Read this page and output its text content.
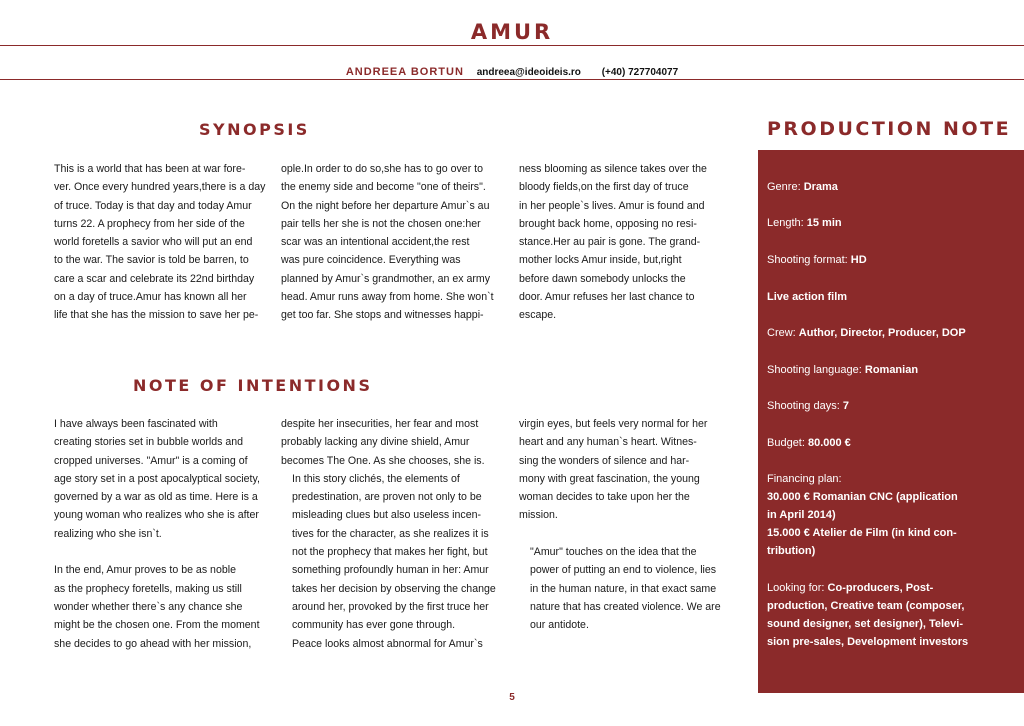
AMUR
ANDREEA BORTUN andreea@ideoideis.ro (+40) 727704077
SYNOPSIS
This is a world that has been at war fore-
ver. Once every hundred years,there is a day
of truce. Today is that day and today Amur
turns 22. A prophecy from her side of the
world foretells a savior who will put an end
to the war. The savior is told be barren, to
care a scar and celebrate its 22nd birthday
on a day of truce.Amur has known all her
life that she has the mission to save her pe-
ople.In order to do so,she has to go over to
the enemy side and become "one of theirs".
On the night before her departure Amur`s au
pair tells her she is not the chosen one:her
scar was an intentional accident,the rest
was pure coincidence. Everything was
planned by Amur`s grandmother, an ex army
head. Amur runs away from home. She won`t
get too far. She stops and witnesses happi-
ness blooming as silence takes over the
bloody fields,on the first day of truce
in her people`s lives. Amur is found and
brought back home, opposing no resi-
stance.Her au pair is gone. The grand-
mother locks Amur inside, but,right
before dawn somebody unlocks the
door. Amur refuses her last chance to
escape.
NOTE OF INTENTIONS
I have always been fascinated with
creating stories set in bubble worlds and
cropped universes. "Amur" is a coming of
age story set in a post apocalyptical society,
governed by a war as old as time. Here is a
young woman who realizes who she is after
realizing who she isn`t.
In the end, Amur proves to be as noble
as the prophecy foretells, making us still
wonder whether there`s any chance she
might be the chosen one. From the moment
she decides to go ahead with her mission,
despite her insecurities, her fear and most
probably lacking any divine shield, Amur
becomes The One. As she chooses, she is.
In this story clichés, the elements of
predestination, are proven not only to be
misleading clues but also useless incen-
tives for the character, as she realizes it is
not the prophecy that makes her fight, but
something profoundly human in her: Amur
takes her decision by observing the change
around her, provoked by the first truce her
community has ever gone through.
Peace looks almost abnormal for Amur`s
virgin eyes, but feels very normal for her
heart and any human`s heart. Witnes-
sing the wonders of silence and har-
mony with great fascination, the young
woman decides to take upon her the
mission.
"Amur" touches on the idea that the
power of putting an end to violence, lies
in the human nature, in that exact same
nature that has created violence. We are
our antidote.
PRODUCTION NOTE
Genre: Drama
Length: 15 min
Shooting format: HD
Live action film
Crew: Author, Director, Producer, DOP
Shooting language: Romanian
Shooting days: 7
Budget: 80.000 €
Financing plan:
30.000 € Romanian CNC (application
in April 2014)
15.000 € Atelier de Film (in kind con-
tribution)
Looking for: Co-producers, Post-
production, Creative team (composer,
sound designer, set designer), Televi-
sion pre-sales, Development investors
5
